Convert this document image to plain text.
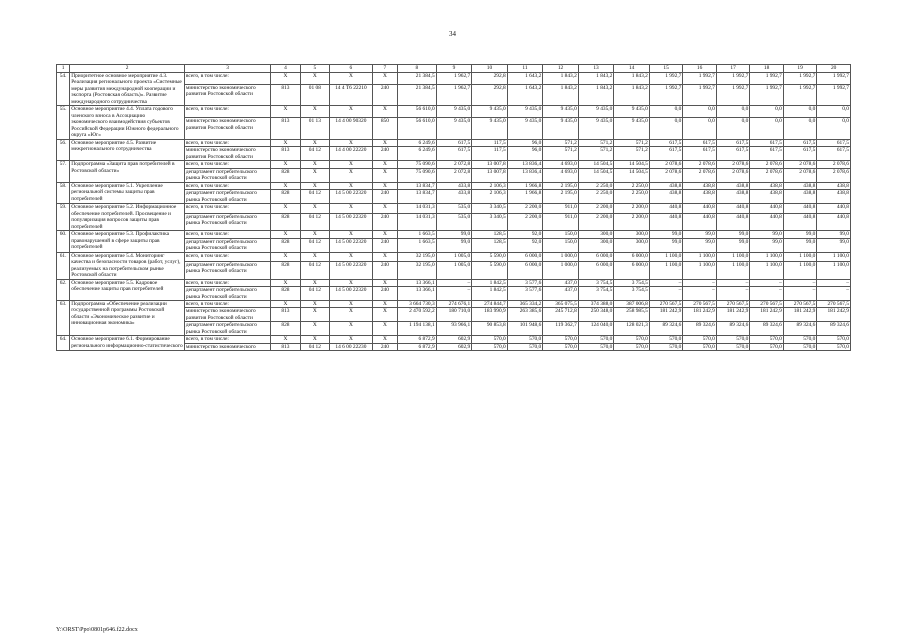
34
1	2	3	4	5	6	7	8	9	10	11	12	13	14	15	16	17	18	19	20
54.	Приоритетное основное мероприятие 4.3. Реализация регионального проекта «Системные меры развития международной кооперации и экспорта (Ростовская область)». Развитие международного сотрудничества	всего, в том числе:	X	X	X	X	21 384,5	1 962,7	292,8	1 643,2	1 843,2	1 843,2	1 843,2	1 992,7	1 992,7	1 992,7	1 992,7	1 992,7	1 992,7
		министерство экономического развития Ростовской области	813	01 08	14 4 Т6 22210	240	21 384,5	1 962,7	292,8	1 643,2	1 843,2	1 843,2	1 843,2	1 992,7	1 992,7	1 992,7	1 992,7	1 992,7	1 992,7
55.	Основное мероприятие 4.4. Уплата годового членского взноса в Ассоциацию экономического взаимодействия субъектов Российской Федерации Южного федерального округа «Юг»	всего, в том числе:	X	X	X	X	56 610,0	9 435,0	9 435,0	9 435,0	9 435,0	9 435,0	9 435,0	0,0	0,0	0,0	0,0	0,0	0,0
		министерство экономического развития Ростовской области	813	01 13	14 4 00 90320	850	56 610,0	9 435,0	9 435,0	9 435,0	9 435,0	9 435,0	9 435,0	0,0	0,0	0,0	0,0	0,0	0,0
56.	Основное мероприятие 4.5. Развитие межрегионального сотрудничества	всего, в том числе:	X	X	X	X	6 249,6	617,5	117,5	96,0	571,2	571,2	571,2	617,5	617,5	617,5	617,5	617,5	617,5
		министерство экономического развития Ростовской области	813	04 12	14 4 00 22220	240	6 249,6	617,5	117,5	96,0	571,2	571,2	571,2	617,5	617,5	617,5	617,5	617,5	617,5
57.	Подпрограмма «Защита прав потребителей в Ростовской области»	всего, в том числе:	X	X	X	X	75 090,6	2 072,8	13 007,8	13 836,4	4 693,0	14 504,5	14 504,5	2 078,6	2 078,6	2 078,6	2 078,6	2 078,6	2 078,6
		департамент потребительского рынка Ростовской области	828	X	X	X	75 090,6	2 072,8	13 007,8	13 836,4	4 693,0	14 504,5	14 504,5	2 078,6	2 078,6	2 078,6	2 078,6	2 078,6	2 078,6
58.	Основное мероприятие 5.1. Укрепление региональной системы защиты прав потребителей	всего, в том числе:	X	X	X	X	13 834,7	433,8	2 106,3	1 966,8	2 195,0	2 250,0	2 250,0	438,8	438,8	438,8	438,8	438,8	438,8
		департамент потребительского рынка Ростовской области	828	04 12	14 5 00 22320	240	13 834,7	433,8	2 106,3	1 966,8	2 195,0	2 250,0	2 250,0	438,8	438,8	438,8	438,8	438,8	438,8
59.	Основное мероприятие 5.2. Информационное обеспечение потребителей. Просвещение и популяризация вопросов защиты прав потребителей	всего, в том числе:	X	X	X	X	14 031,3	535,0	3 340,5	2 200,0	911,0	2 200,0	2 200,0	440,8	440,8	440,8	440,8	440,8	440,8
		департамент потребительского рынка Ростовской области	828	04 12	14 5 00 22320	240	14 031,3	535,0	3 340,5	2 200,0	911,0	2 200,0	2 200,0	440,8	440,8	440,8	440,8	440,8	440,8
60.	Основное мероприятие 5.3. Профилактика правонарушений в сфере защиты прав потребителей	всего, в том числе:	X	X	X	X	1 663,5	99,0	128,5	92,0	150,0	300,0	300,0	99,0	99,0	99,0	99,0	99,0	99,0
		департамент потребительского рынка Ростовской области	828	04 12	14 5 00 22320	240	1 663,5	99,0	128,5	92,0	150,0	300,0	300,0	99,0	99,0	99,0	99,0	99,0	99,0
61.	Основное мероприятие 5.4. Мониторинг качества и безопасности товаров (работ, услуг), реализуемых на потребительском рынке Ростовской области	всего, в том числе:	X	X	X	X	32 195,0	1 005,0	5 590,0	6 000,0	1 000,0	6 000,0	6 000,0	1 100,0	1 100,0	1 100,0	1 100,0	1 100,0	1 100,0
		департамент потребительского рынка Ростовской области	828	04 12	14 5 00 22320	240	32 195,0	1 005,0	5 590,0	6 000,0	1 000,0	6 000,0	6 000,0	1 100,0	1 100,0	1 100,0	1 100,0	1 100,0	1 100,0
62.	Основное мероприятие 5.5. Кадровое обеспечение защиты прав потребителей	всего, в том числе:	X	X	X	X	13 366,1	–	1 842,5	3 577,6	437,0	3 754,5	3 754,5	–	–	–	–	–	–
		департамент потребительского рынка Ростовской области	828	04 12	14 5 00 22320	240	13 366,1	–	1 842,5	3 577,6	437,0	3 754,5	3 754,5	–	–	–	–	–	–
63.	Подпрограмма «Обеспечение реализации государственной программы Ростовской области «Экономическое развитие и инновационная экономика»	всего, в том числе:	X	X	X	X	3 664 730,3	274 676,1	274 844,7	365 334,2	365 075,5	374 388,0	387 006,8	270 567,5	270 567,5	270 567,5	270 567,5	270 567,5	270 567,5
		министерство экономического развития Ростовской области	813	X	X	X	2 470 592,2	180 710,0	183 990,9	263 385,6	245 712,8	250 348,0	258 985,5	181 242,9	181 242,9	181 242,9	181 242,9	181 242,9	181 242,9
		департамент потребительского рынка Ростовской области	828	X	X	X	1 194 138,1	93 966,1	90 853,8	101 948,6	119 362,7	124 040,0	128 021,3	89 324,6	89 324,6	89 324,6	89 324,6	89 324,6	89 324,6
64.	Основное мероприятие 6.1. Формирование регионального информационно-статистического	всего, в том числе:	X	X	X	X	6 872,9	602,9	570,0	570,0	570,0	570,0	570,0	570,0	570,0	570,0	570,0	570,0	570,0
		министерство экономического	813	04 12	14 6 00 22230	240	6 872,9	602,9	570,0	570,0	570,0	570,0	570,0	570,0	570,0	570,0	570,0	570,0	570,0
Y:\ORST\Ppo\0801p646.f22.docx
